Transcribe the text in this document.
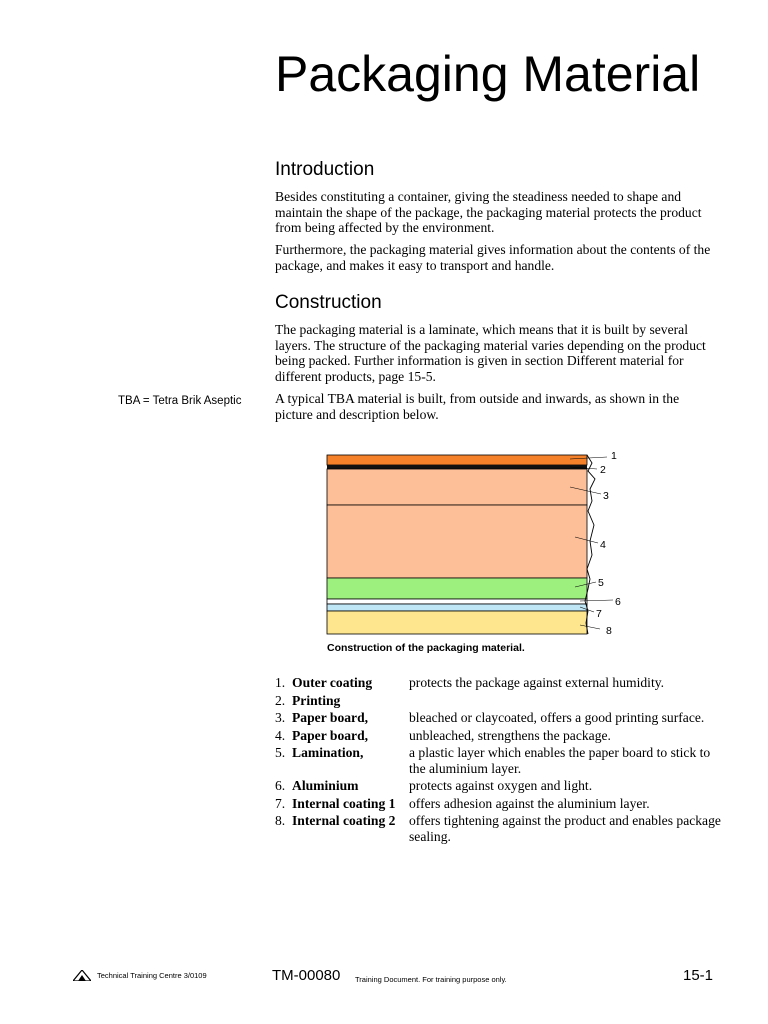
Packaging Material
Introduction

Besides constituting a container, giving the steadiness needed to shape and maintain the shape of the package, the packaging material protects the product from being affected by the environment.

Furthermore, the packaging material gives information about the contents of the package, and makes it easy to transport and handle.

Construction

The packaging material is a laminate, which means that it is built by several layers. The structure of the packaging material varies depending on the product being packed. Further information is given in section Different material for different products, page 15-5.

A typical TBA material is built, from outside and inwards, as shown in the picture and description below.

TBA = Tetra Brik Aseptic
1
2
3
4
5
6
7
8
Construction of the packaging material.
1.	Outer coating	protects the package against external humidity.
2.	Printing	
3.	Paper board,	bleached or claycoated, offers a good printing surface.
4.	Paper board,	unbleached, strengthens the package.
5.	Lamination,	a plastic layer which enables the paper board to stick to the aluminium layer.
6.	Aluminium	protects against oxygen and light.
7.	Internal coating 1	offers adhesion against the aluminium layer.
8.	Internal coating 2	offers tightening against the product and enables package sealing.
Technical Training Centre 3/0109	TM-00080 Training Document. For training purpose only.	15-1
